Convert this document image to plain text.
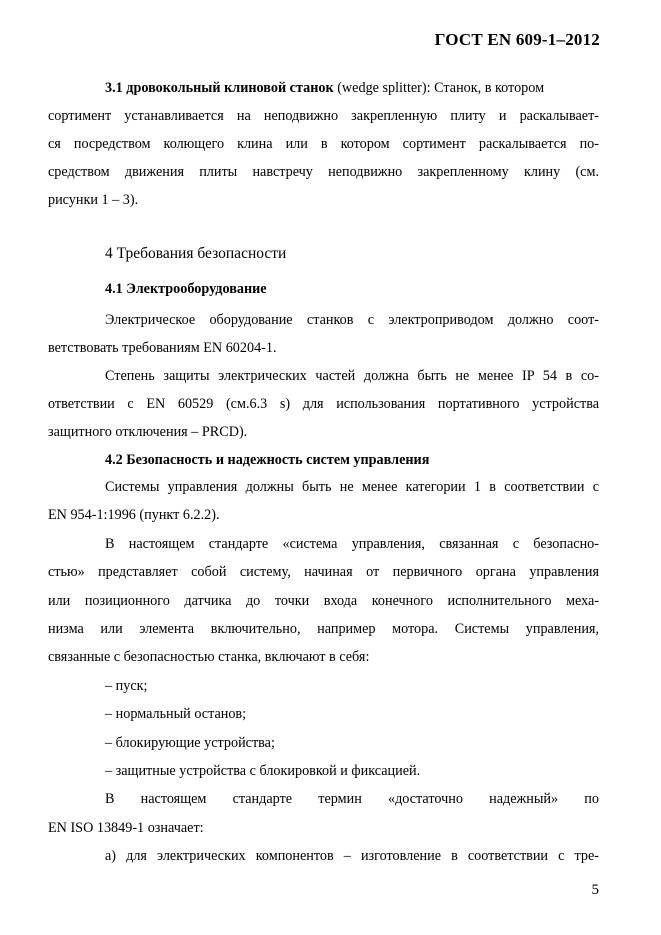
ГОСТ EN 609-1–2012
3.1 дровокольный клиновой станок (wedge splitter): Станок, в котором
сортимент устанавливается на неподвижно закрепленную плиту и раскалывает-
ся посредством колющего клина или в котором сортимент раскалывается по-
средством движения плиты навстречу неподвижно закрепленному клину (см.
рисунки 1 – 3).
4 Требования безопасности
4.1 Электрооборудование
Электрическое оборудование станков с электроприводом должно соот-
ветствовать требованиям EN 60204-1.
Степень защиты электрических частей должна быть не менее IP 54 в со-
ответствии с EN 60529 (см.6.3 s) для использования портативного устройства
защитного отключения – PRCD).
4.2 Безопасность и надежность систем управления
Системы управления должны быть не менее категории 1 в соответствии с
EN 954-1:1996 (пункт 6.2.2).
В настоящем стандарте «система управления, связанная с безопасно-
стью» представляет собой систему, начиная от первичного органа управления
или позиционного датчика до точки входа конечного исполнительного меха-
низма или элемента включительно, например мотора. Системы управления,
связанные с безопасностью станка, включают в себя:
– пуск;
– нормальный останов;
– блокирующие устройства;
– защитные устройства с блокировкой и фиксацией.
В настоящем стандарте термин «достаточно надежный» по
EN ISO 13849-1 означает:
а) для электрических компонентов – изготовление в соответствии с тре-
5
